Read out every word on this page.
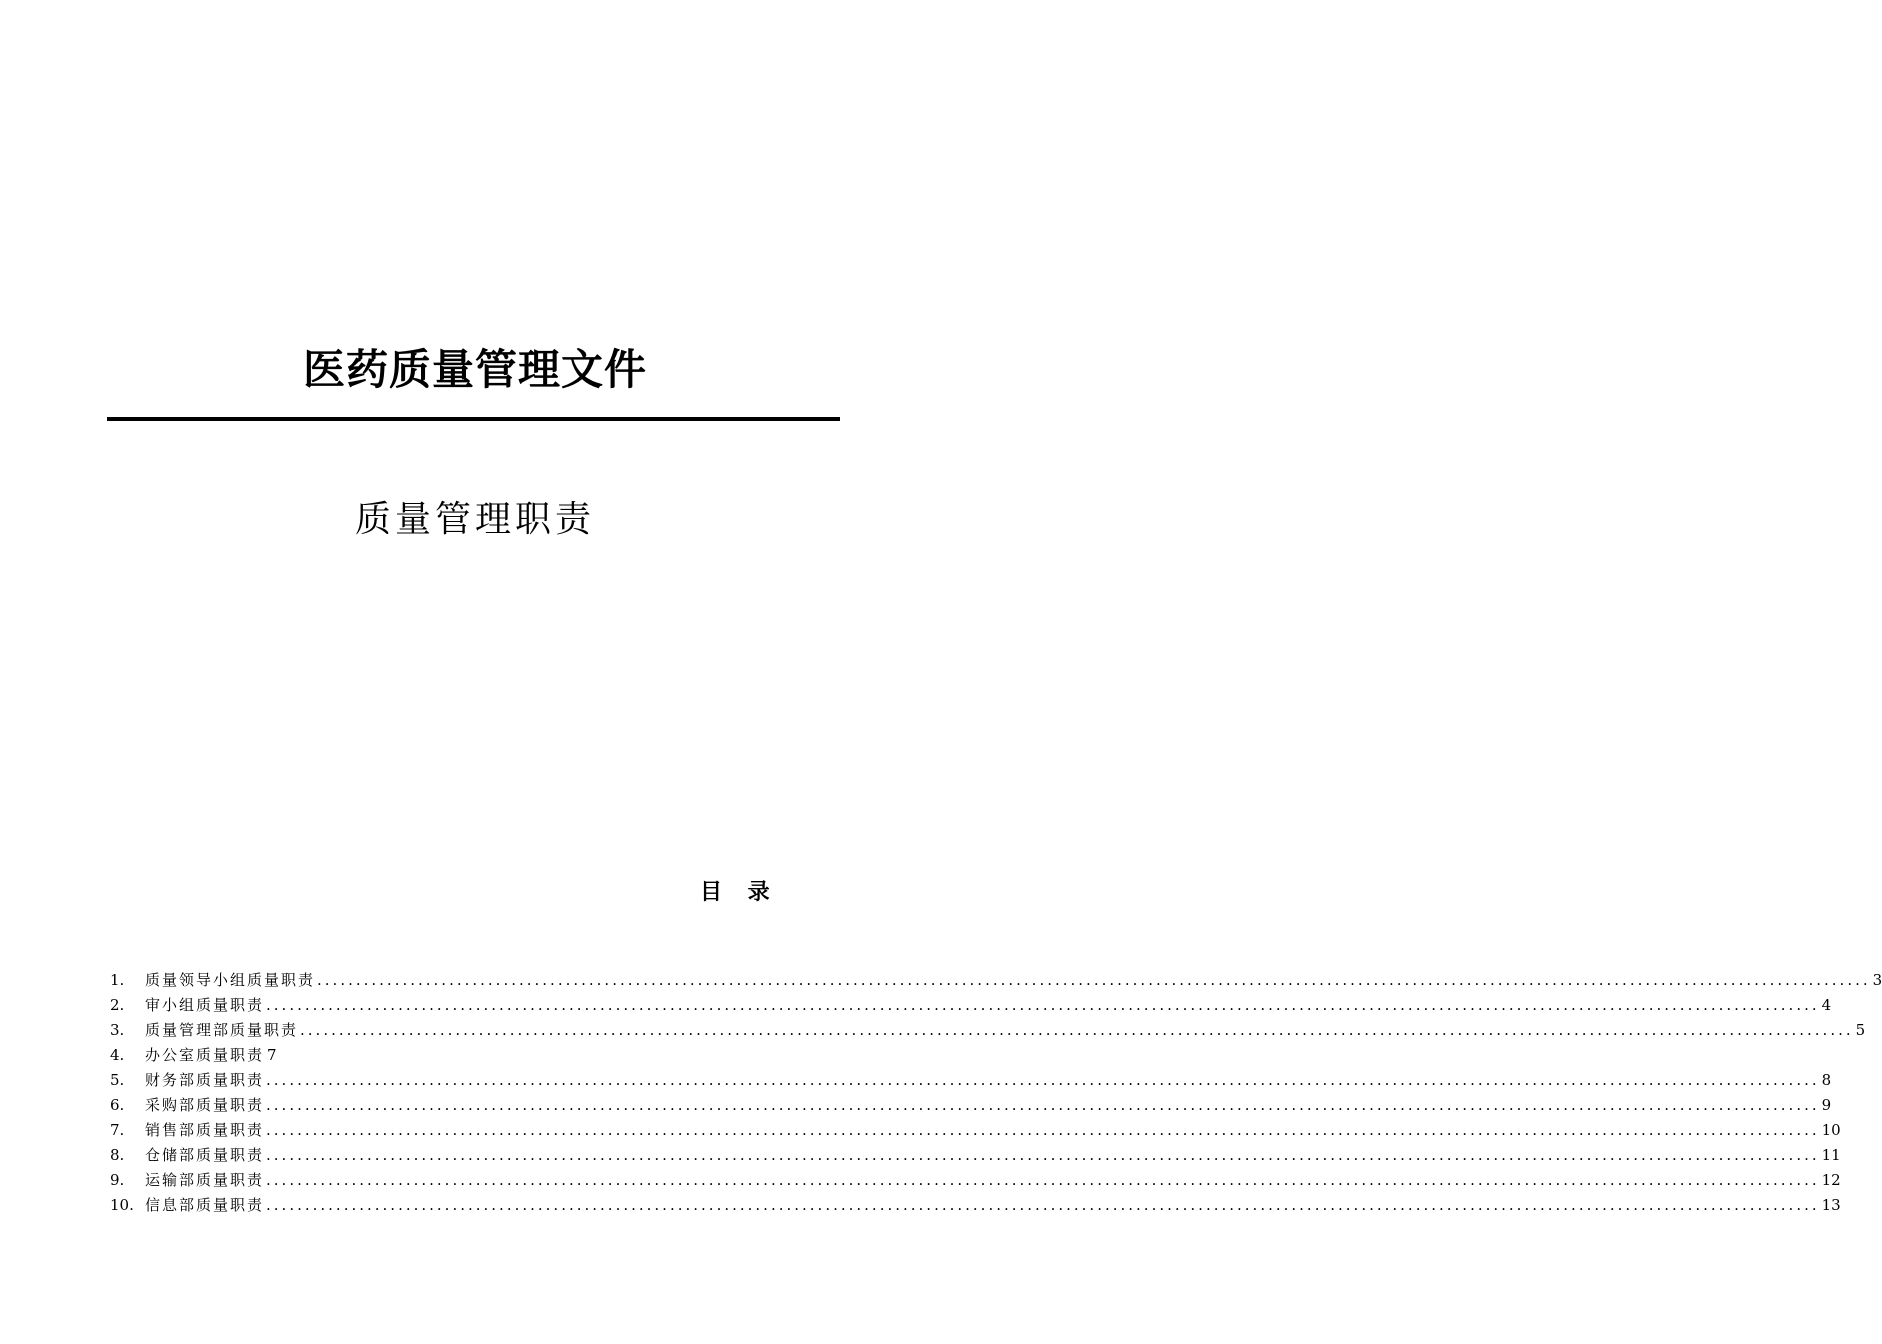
医药质量管理文件
质量管理职责
目 录
1.	质量领导小组质量职责 ........................................................................................................................................................................................................ 3
2.	审小组质量职责 ........................................................................................................................................................................................................ 4
3.	质量管理部质量职责 ........................................................................................................................................................................................................ 5
4.	办公室质量职责 7
5.	财务部质量职责 ........................................................................................................................................................................................................ 8
6.	采购部质量职责 ........................................................................................................................................................................................................ 9
7.	销售部质量职责 ........................................................................................................................................................................................................ 10
8.	仓储部质量职责 ........................................................................................................................................................................................................ 11
9.	运输部质量职责 ........................................................................................................................................................................................................ 12
10. 信息部质量职责 ........................................................................................................................................................................................................ 13
